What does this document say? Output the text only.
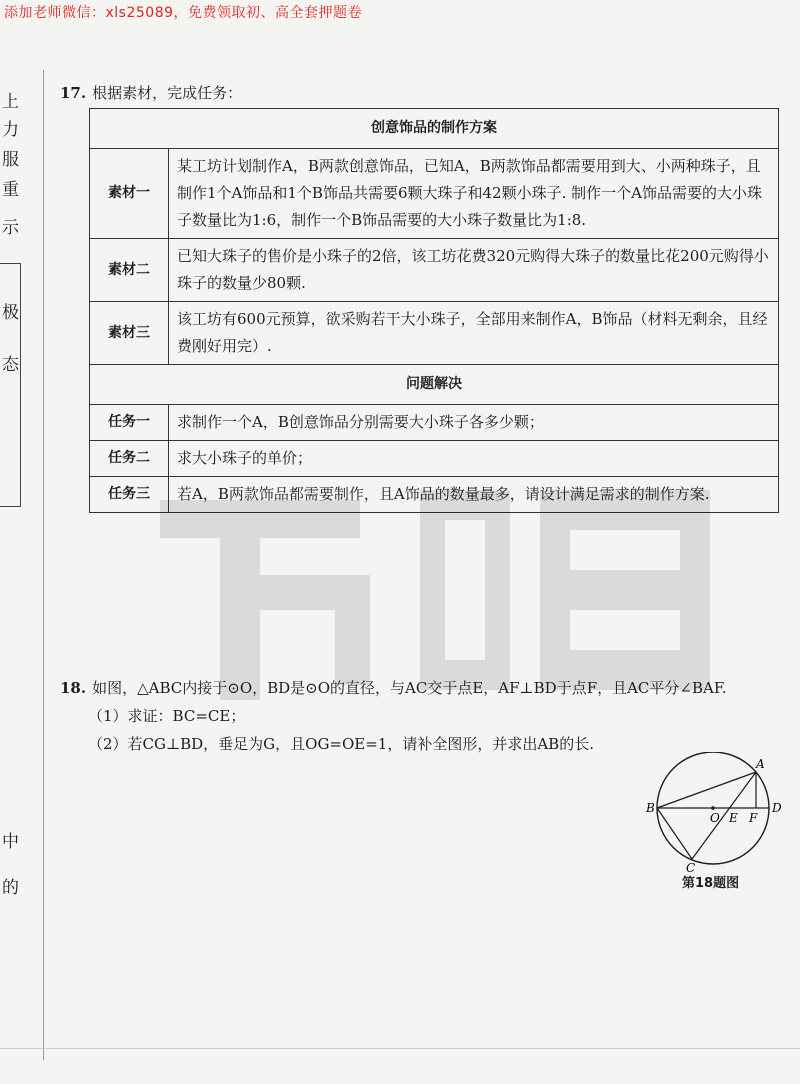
添加老师微信：xls25089，免费领取初、高全套押题卷
上
力
服
重
示
极
态
中
的
17. 根据素材，完成任务：
创意饰品的制作方案	
素材一	某工坊计划制作A，B两款创意饰品，已知A，B两款饰品都需要用到大、小两种珠子，且制作1个A饰品和1个B饰品共需要6颗大珠子和42颗小珠子. 制作一个A饰品需要的大小珠子数量比为1:6，制作一个B饰品需要的大小珠子数量比为1:8.
素材二	已知大珠子的售价是小珠子的2倍，该工坊花费320元购得大珠子的数量比花200元购得小珠子的数量少80颗.
素材三	该工坊有600元预算，欲采购若干大小珠子，全部用来制作A，B饰品（材料无剩余，且经费刚好用完）.
问题解决	
任务一	求制作一个A，B创意饰品分别需要大小珠子各多少颗；
任务二	求大小珠子的单价；
任务三	若A，B两款饰品都需要制作，且A饰品的数量最多，请设计满足需求的制作方案.
18. 如图，△ABC内接于⊙O，BD是⊙O的直径，与AC交于点E，AF⊥BD于点F，且AC平分∠BAF.
（1）求证：BC=CE；
（2）若CG⊥BD，垂足为G，且OG=OE=1，请补全图形，并求出AB的长.
A
B
C
D
O E F
第18题图
